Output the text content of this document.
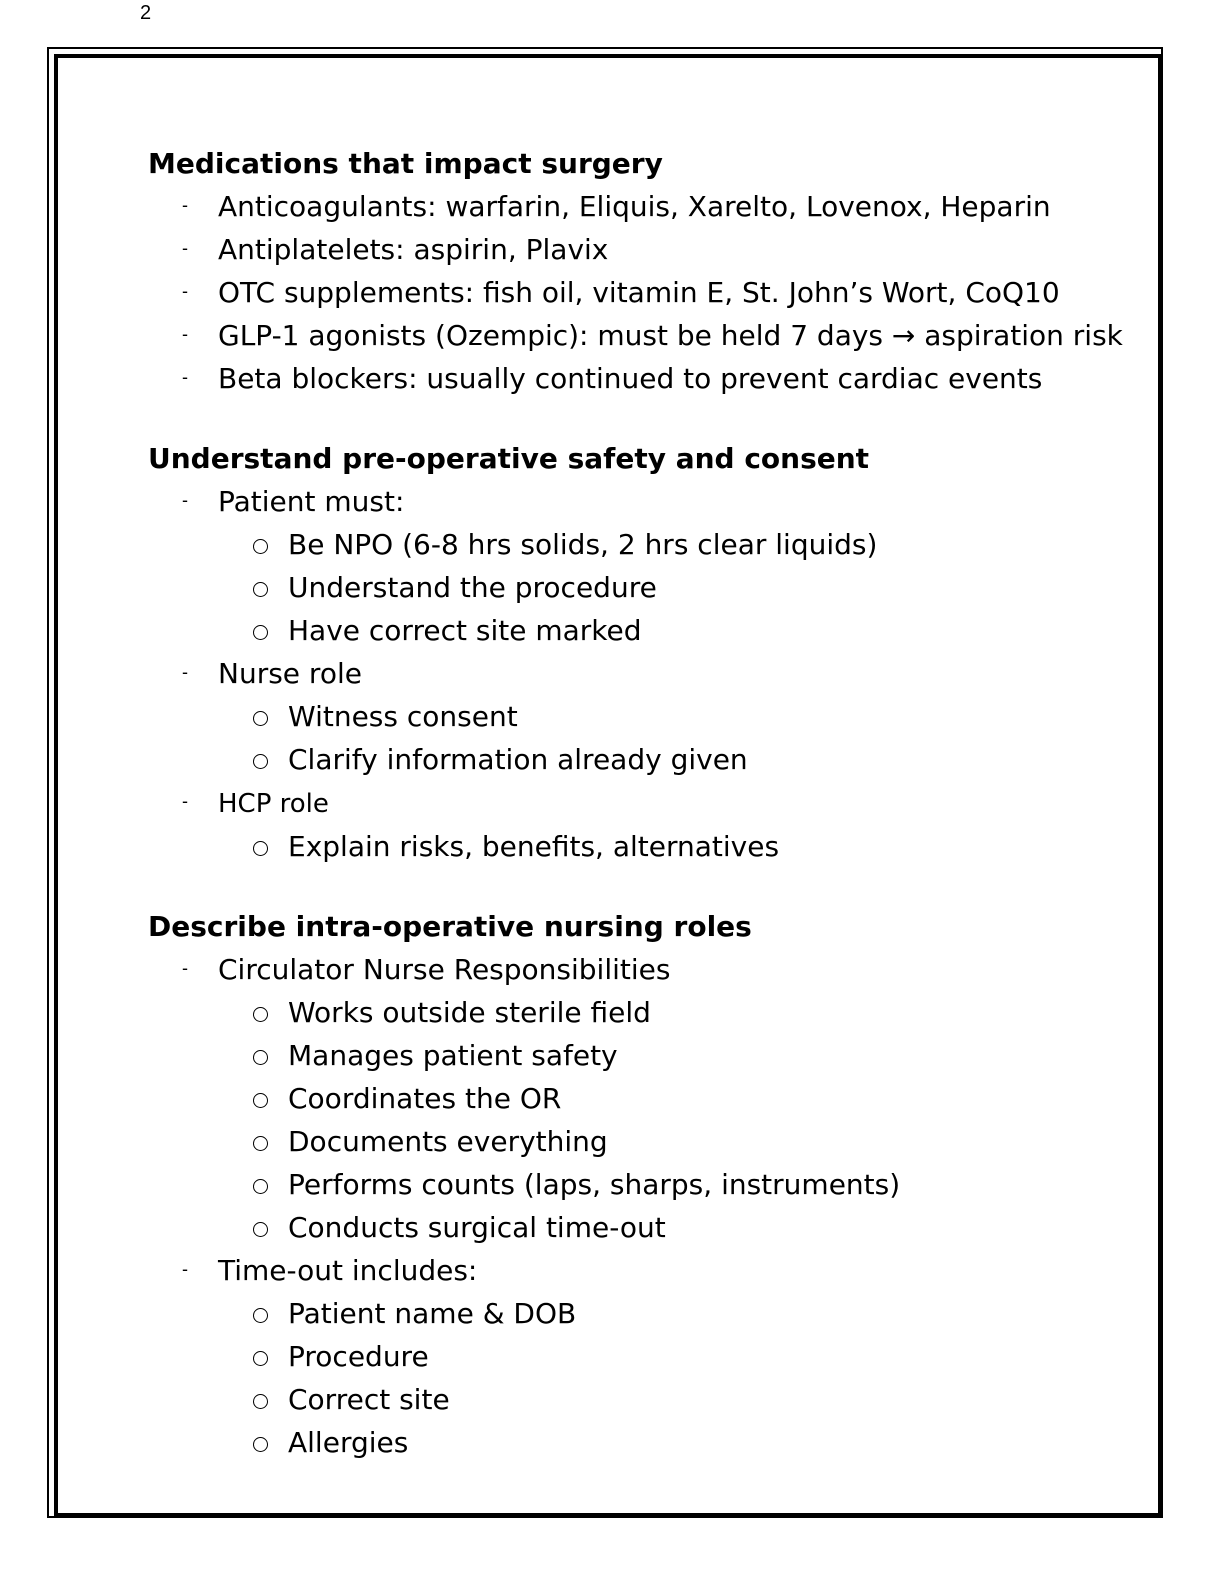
2
Medications that impact surgery
- Anticoagulants: warfarin, Eliquis, Xarelto, Lovenox, Heparin
- Antiplatelets: aspirin, Plavix
- OTC supplements: fish oil, vitamin E, St. John’s Wort, CoQ10
- GLP-1 agonists (Ozempic): must be held 7 days → aspiration risk
- Beta blockers: usually continued to prevent cardiac events
Understand pre-operative safety and consent
- Patient must:
Be NPO (6-8 hrs solids, 2 hrs clear liquids)
Understand the procedure
Have correct site marked
- Nurse role
Witness consent
Clarify information already given
- HCP role
Explain risks, benefits, alternatives
Describe intra-operative nursing roles
- Circulator Nurse Responsibilities
Works outside sterile field
Manages patient safety
Coordinates the OR
Documents everything
Performs counts (laps, sharps, instruments)
Conducts surgical time-out
- Time-out includes:
Patient name & DOB
Procedure
Correct site
Allergies
